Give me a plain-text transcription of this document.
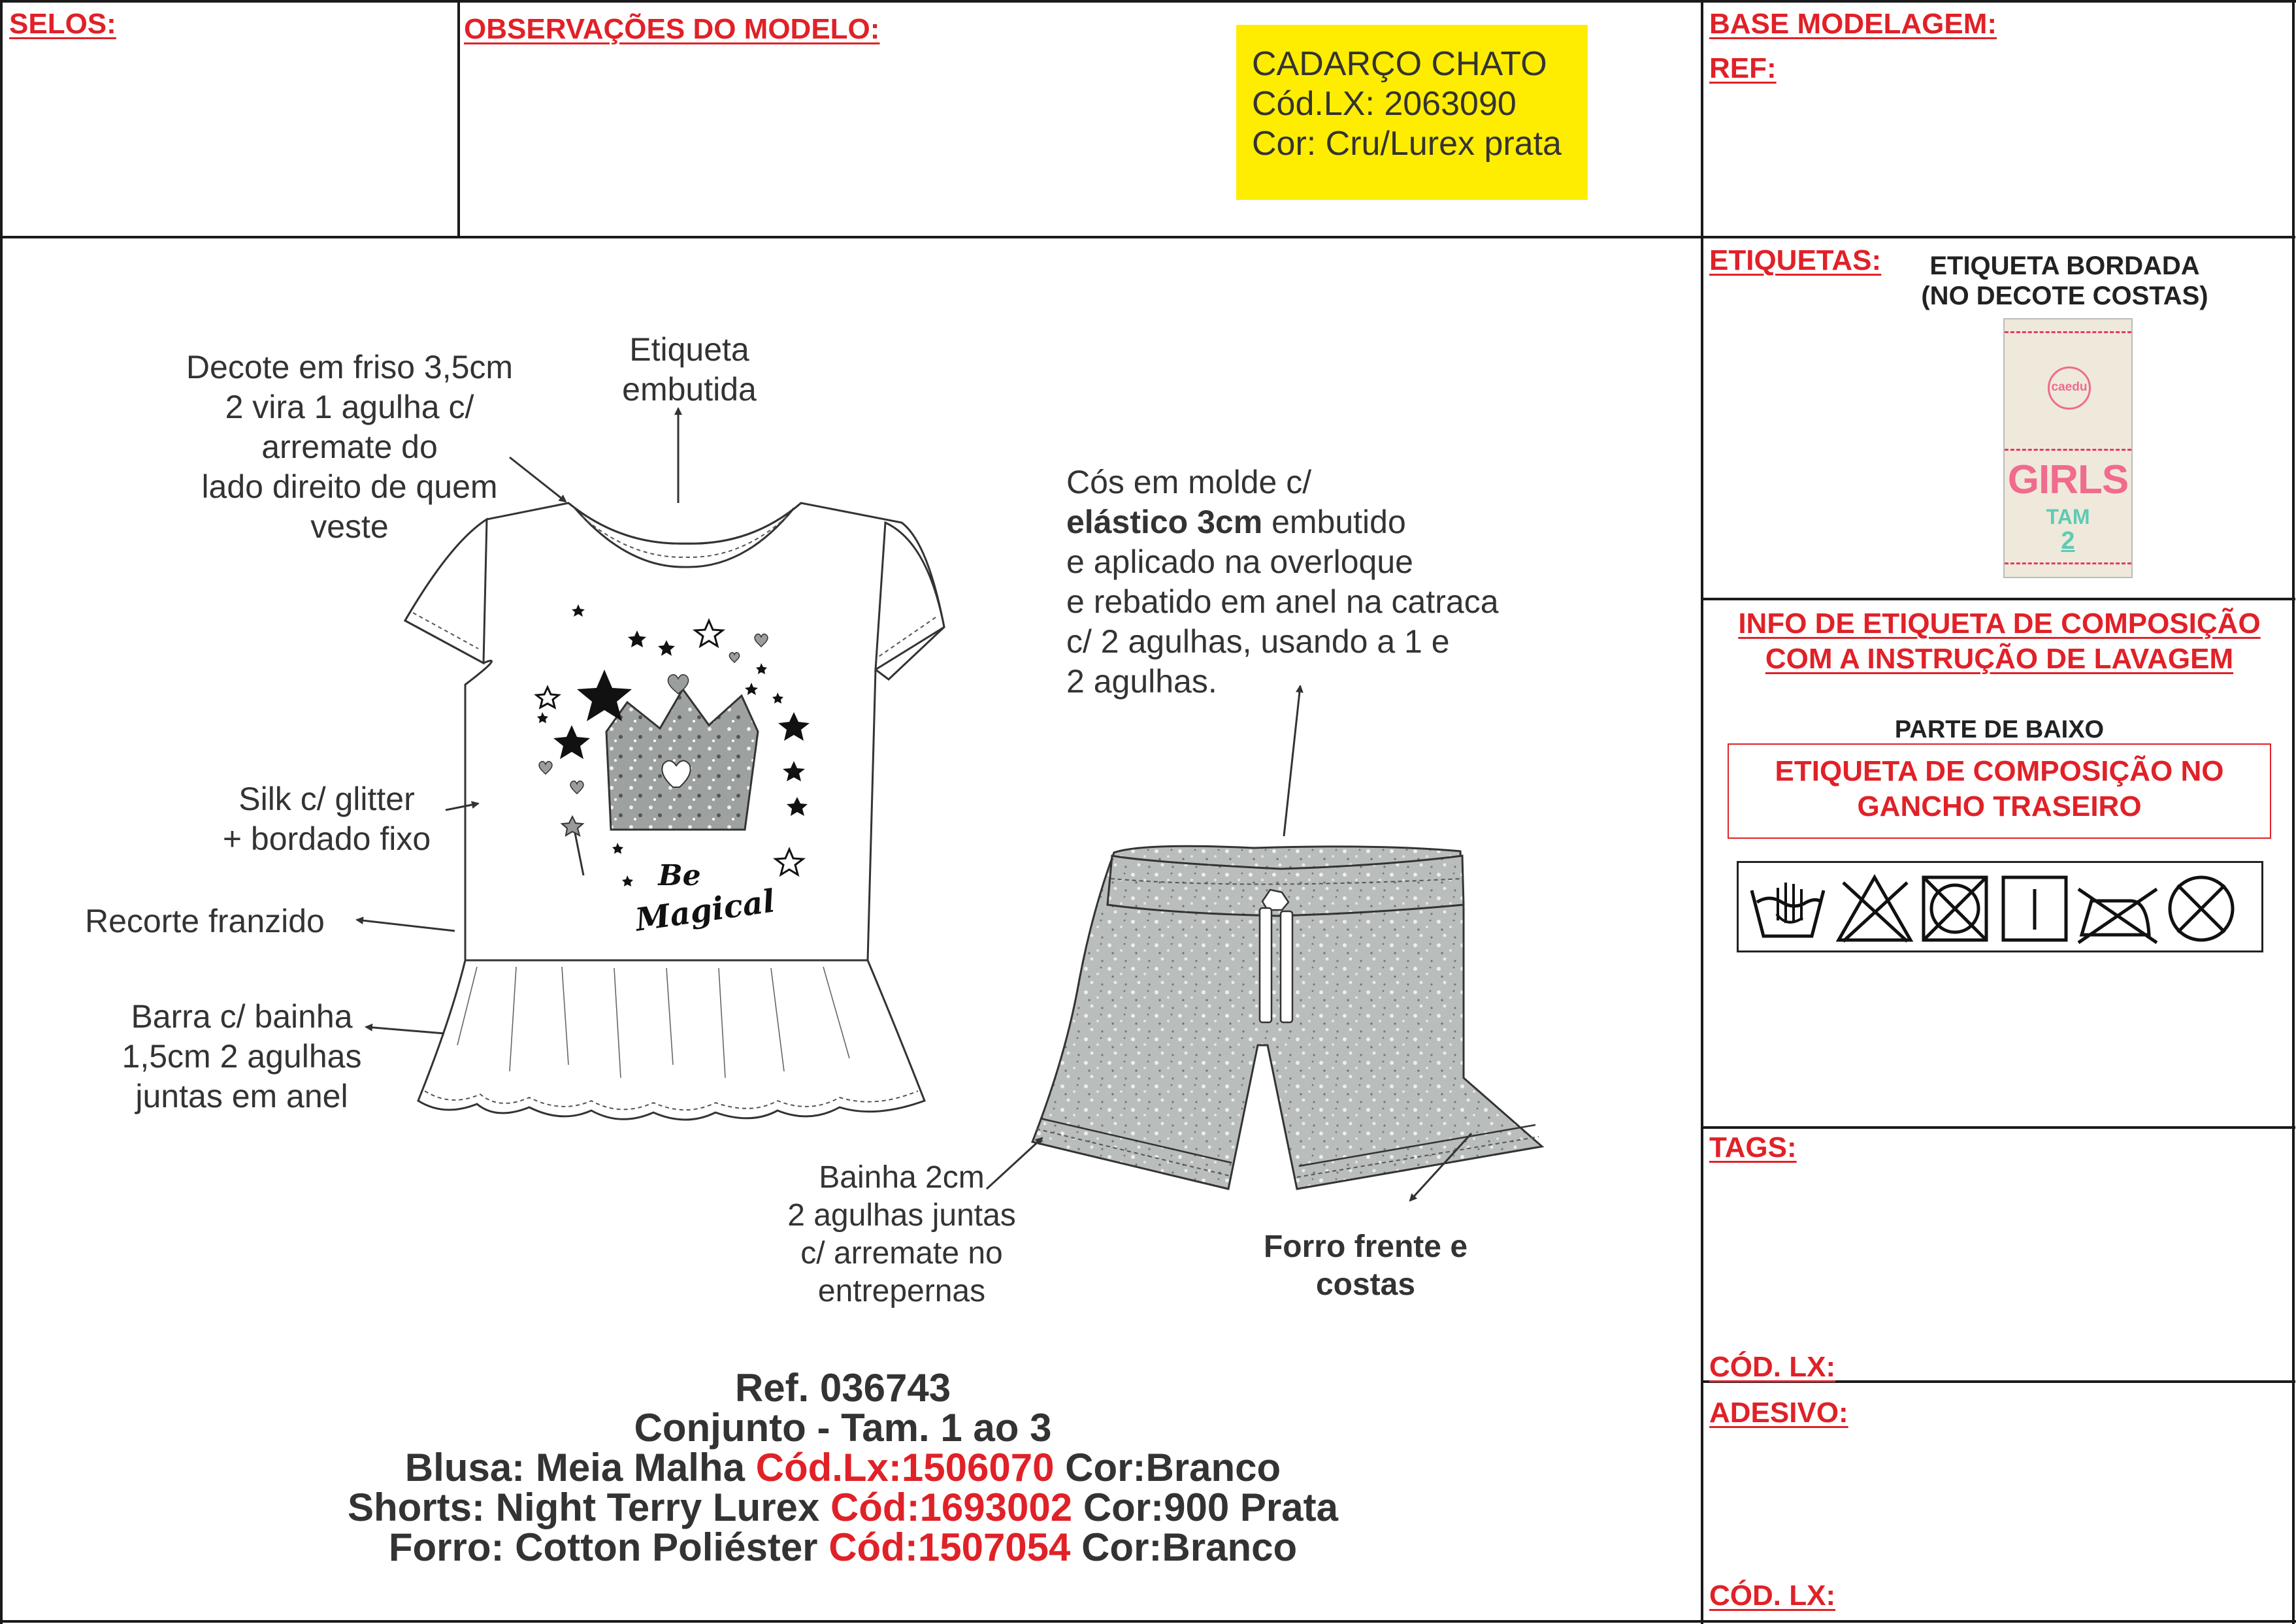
SELOS:	OBSERVAÇÕES DO MODELO:	BASE MODELAGEM:
REF:
ETIQUETAS:
TAGS:
CÓD. LX:
ADESIVO:
CÓD. LX:
CADARÇO CHATO
Cód.LX: 2063090
Cor: Cru/Lurex prata
Decote em friso 3,5cm
2 vira 1 agulha c/
arremate do
lado direito de quem
veste
Etiqueta
embutida
Silk c/ glitter
+ bordado fixo
Recorte franzido
Barra c/ bainha
1,5cm 2 agulhas
juntas em anel
Cós em molde c/
elástico 3cm embutido
e aplicado na overloque
e rebatido em anel na catraca
c/ 2 agulhas, usando a 1 e
2 agulhas.
Bainha 2cm
2 agulhas juntas
c/ arremate no
entrepernas
Forro frente e
costas
Be
Magical
ETIQUETA BORDADA
(NO DECOTE COSTAS)
caedu
GIRLS
TAM
2
INFO DE ETIQUETA DE COMPOSIÇÃO
COM A INSTRUÇÃO DE LAVAGEM
PARTE DE BAIXO
ETIQUETA DE COMPOSIÇÃO NO
GANCHO TRASEIRO
Ref. 036743
Conjunto - Tam. 1 ao 3
Blusa: Meia Malha Cód.Lx:1506070 Cor:Branco
Shorts: Night Terry Lurex Cód:1693002 Cor:900 Prata
Forro: Cotton Poliéster Cód:1507054 Cor:Branco
